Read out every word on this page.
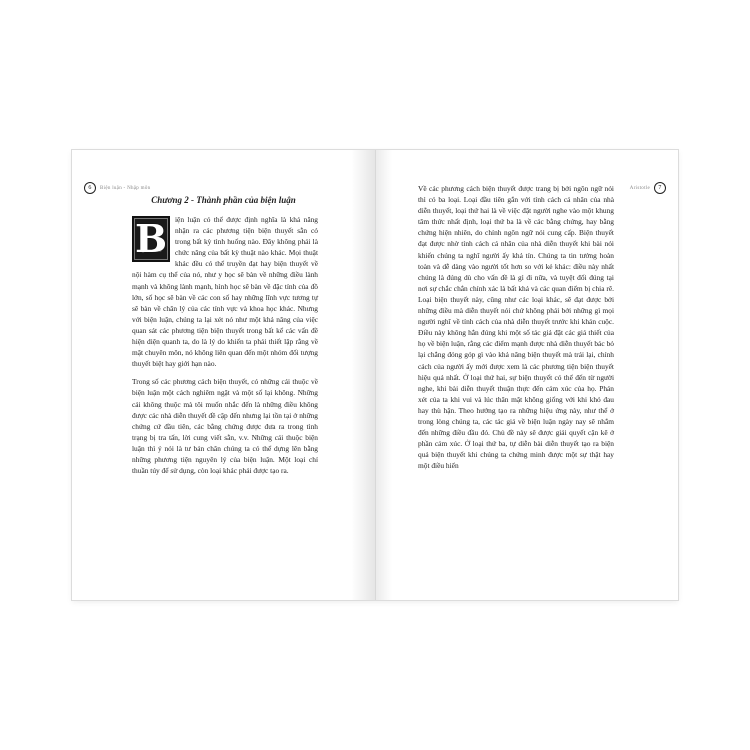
6	Biện luận - Nhập môn
Chương 2 - Thành phần của biện luận

B	iện luận có thể được định nghĩa là khả năng nhận ra các phương tiện biện thuyết sẵn có trong bất kỳ tình huống nào. Đây không phải là chức năng của bất kỳ thuật nào khác. Mọi thuật khác đều có thể truyền đạt hay biện thuyết về nội hàm cụ thể của nó, như y học sẽ bàn về những điều lành mạnh và không lành mạnh, hình học sẽ bàn về đặc tính của đồ lớn, số học sẽ bàn về các con số hay những lĩnh vực tương tự sẽ bàn về chân lý của các tính vực và khoa học khác. Nhưng với biện luận, chúng ta lại xét nó như một khả năng của việc quan sát các phương tiện biện thuyết trong bất kể các vấn đề hiện diện quanh ta, do là lý do khiến ta phải thiết lập rằng về mặt chuyên môn, nó không liên quan đến một nhóm đối tượng thuyết biệt hay giới hạn nào.

Trong số các phương cách biện thuyết, có những cái thuộc về biện luận một cách nghiêm ngặt và một số lại không. Những cái không thuộc mà tôi muốn nhắc đến là những điều không được các nhà diễn thuyết đề cập đến nhưng lại tồn tại ở những chứng cứ đầu tiên, các bằng chứng được đưa ra trong tình trạng bị tra tấn, lời cung viết sẵn, v.v. Những cái thuộc biện luận thì ý nói là tư bản chân chúng ta có thể dựng lên bằng những phương tiện nguyên lý của biện luận. Một loại chỉ thuần túy để sử dụng, còn loại khác phải được tạo ra.

7
Aristotle

Về các phương cách biện thuyết được trang bị bởi ngôn ngữ nói thì có ba loại. Loại đầu tiên gắn với tính cách cá nhân của nhà diễn thuyết, loại thứ hai là về việc đặt người nghe vào một khung tâm thức nhất định, loại thứ ba là về các bằng chứng, hay bằng chứng hiện nhiên, do chính ngôn ngữ nói cung cấp. Biện thuyết đạt được nhờ tính cách cá nhân của nhà diễn thuyết khi bài nói khiến chúng ta nghĩ người ấy khả tín. Chúng ta tin tưởng hoàn toàn và dễ dàng vào người tốt hơn so với kẻ khác: điều này nhất chúng là đúng dù cho vấn đề là gì đi nữa, và tuyệt đối đúng tại nơi sự chắc chắn chính xác là bất khả và các quan điểm bị chia rẽ. Loại biện thuyết này, cũng như các loại khác, sẽ đạt được bởi những điều mà diễn thuyết nói chứ không phải bởi những gì mọi người nghĩ về tính cách của nhà diễn thuyết trước khi khán cuộc. Điều này không hẳn đúng khi một số tác giả đặt các giả thiết của họ về biện luận, rằng các điểm mạnh được nhà diễn thuyết bác bỏ lại chẳng đóng góp gì vào khả năng biện thuyết mà trái lại, chính cách của người ấy mới được xem là các phương tiện biện thuyết hiệu quả nhất. Ở loại thứ hai, sự biện thuyết có thể đến từ người nghe, khi bài diễn thuyết thuận thực đến cảm xúc của họ. Phán xét của ta khi vui và lúc thân mật không giống với khi khó đau hay thù hận. Theo hướng tạo ra những hiệu ứng này, như thể ở trong lòng chúng ta, các tác giả về biện luận ngày nay sẽ nhắm đến những điều đầu đó. Chủ đề này sẽ được giải quyết cặn kẽ ở phần cảm xúc. Ở loại thứ ba, tự diễn bài diễn thuyết tạo ra biện quả biện thuyết khi chúng ta chứng minh được một sự thật hay một điều hiển
